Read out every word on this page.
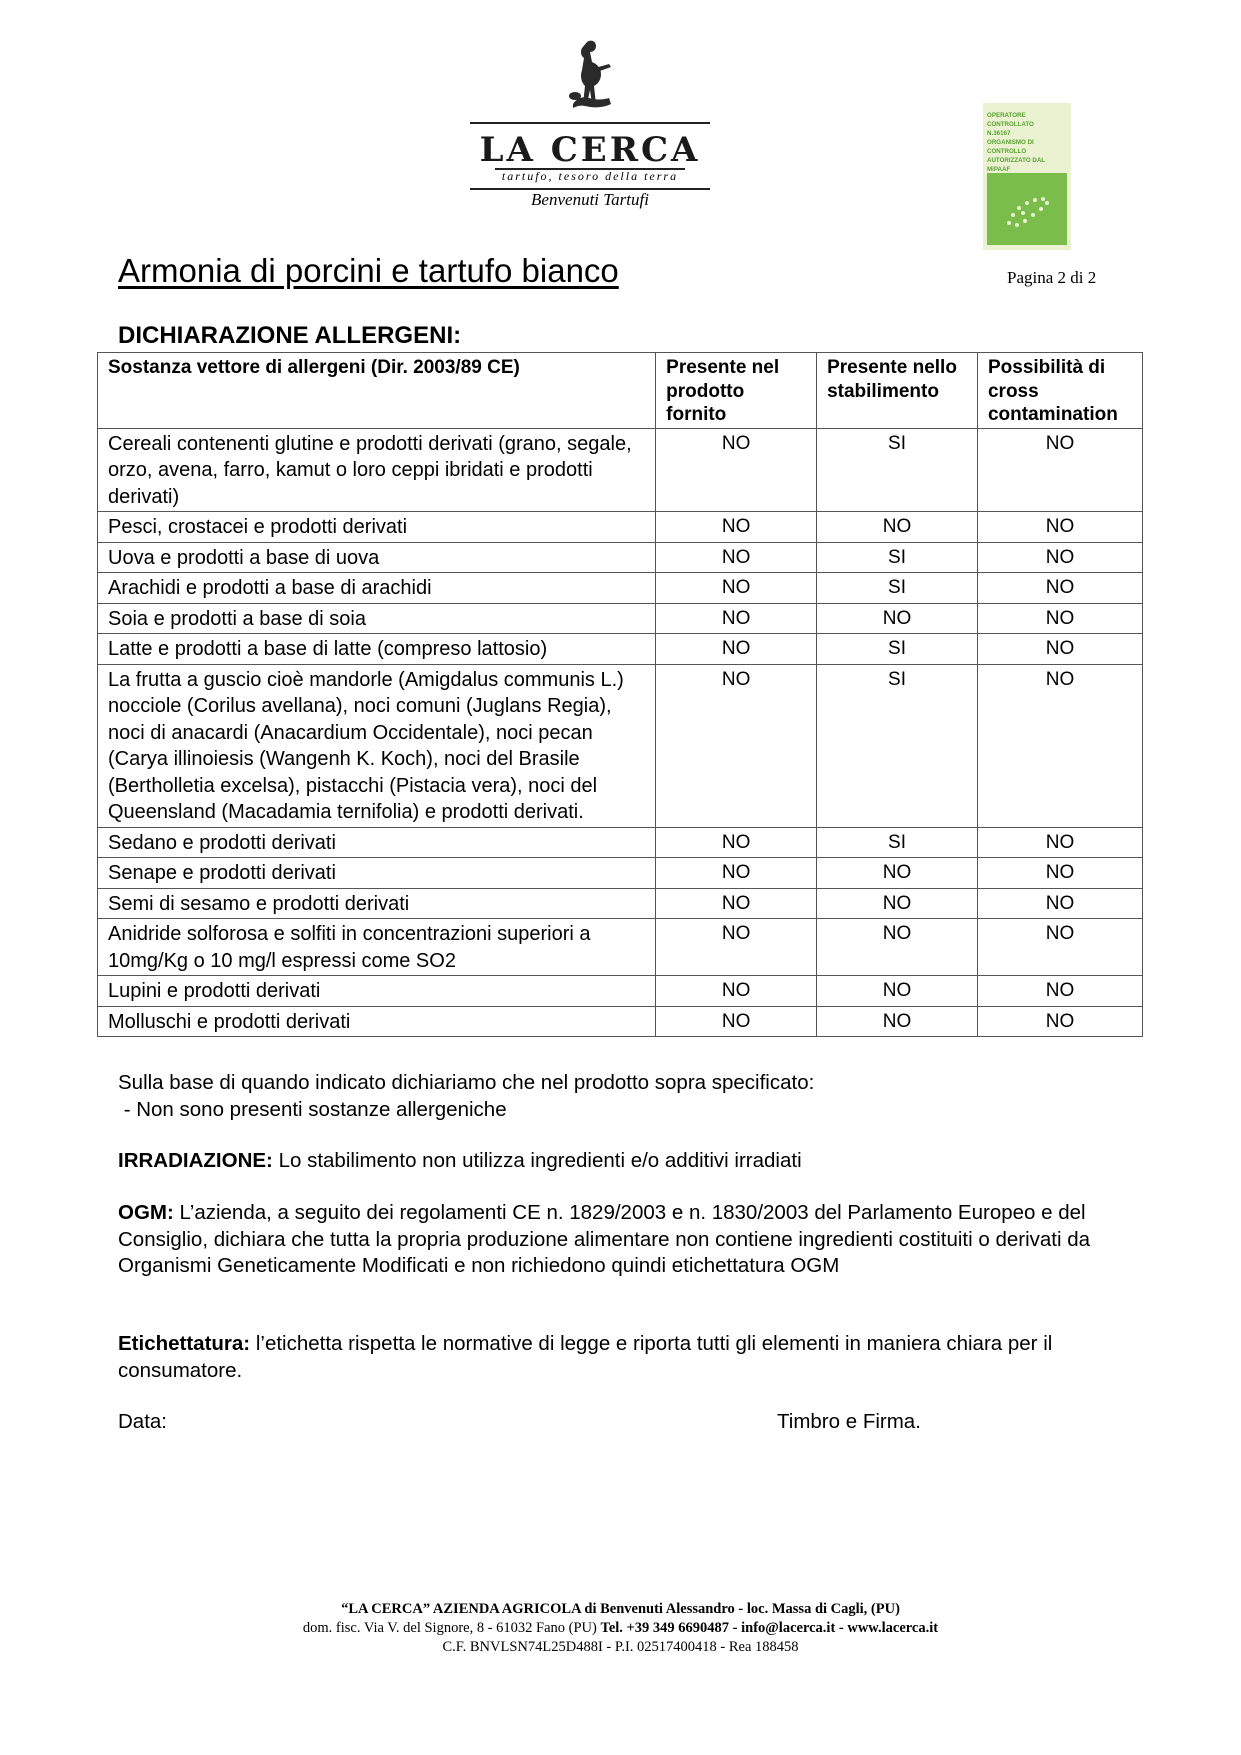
LA CERCA
tartufo, tesoro della terra
Benvenuti Tartufi
OPERATORE CONTROLLATO
N.36167
ORGANISMO DI CONTROLLO
AUTORIZZATO DAL MiPAAF
Armonia di porcini e tartufo bianco	Pagina 2 di 2
DICHIARAZIONE ALLERGENI:
Sostanza vettore di allergeni (Dir. 2003/89 CE)	Presente nel prodotto fornito	Presente nello stabilimento	Possibilità di cross contamination
Cereali contenenti glutine e prodotti derivati (grano, segale, orzo, avena, farro, kamut o loro ceppi ibridati e prodotti derivati)	NO	SI	NO
Pesci, crostacei e prodotti derivati	NO	NO	NO
Uova e prodotti a base di uova	NO	SI	NO
Arachidi e prodotti a base di arachidi	NO	SI	NO
Soia e prodotti a base di soia	NO	NO	NO
Latte e prodotti a base di latte (compreso lattosio)	NO	SI	NO
La frutta a guscio cioè mandorle (Amigdalus communis L.) nocciole (Corilus avellana), noci comuni (Juglans Regia), noci di anacardi (Anacardium Occidentale), noci pecan (Carya illinoiesis (Wangenh K. Koch), noci del Brasile (Bertholletia excelsa), pistacchi (Pistacia vera), noci del Queensland (Macadamia ternifolia) e prodotti derivati.	NO	SI	NO
Sedano e prodotti derivati	NO	SI	NO
Senape e prodotti derivati	NO	NO	NO
Semi di sesamo e prodotti derivati	NO	NO	NO
Anidride solforosa e solfiti in concentrazioni superiori a 10mg/Kg o 10 mg/l espressi come SO2	NO	NO	NO
Lupini e prodotti derivati	NO	NO	NO
Molluschi e prodotti derivati	NO	NO	NO
Sulla base di quando indicato dichiariamo che nel prodotto sopra specificato:
- Non sono presenti sostanze allergeniche
IRRADIAZIONE: Lo stabilimento non utilizza ingredienti e/o additivi irradiati
OGM: L’azienda, a seguito dei regolamenti CE n. 1829/2003 e n. 1830/2003 del Parlamento Europeo e del Consiglio, dichiara che tutta la propria produzione alimentare non contiene ingredienti costituiti o derivati da Organismi Geneticamente Modificati e non richiedono quindi etichettatura OGM
Etichettatura: l’etichetta rispetta le normative di legge e riporta tutti gli elementi in maniera chiara per il consumatore.
Data:	Timbro e Firma.
“LA CERCA” AZIENDA AGRICOLA di Benvenuti Alessandro - loc. Massa di Cagli, (PU)
dom. fisc. Via V. del Signore, 8 - 61032 Fano (PU) Tel. +39 349 6690487 - info@lacerca.it - www.lacerca.it
C.F. BNVLSN74L25D488I - P.I. 02517400418 - Rea 188458
